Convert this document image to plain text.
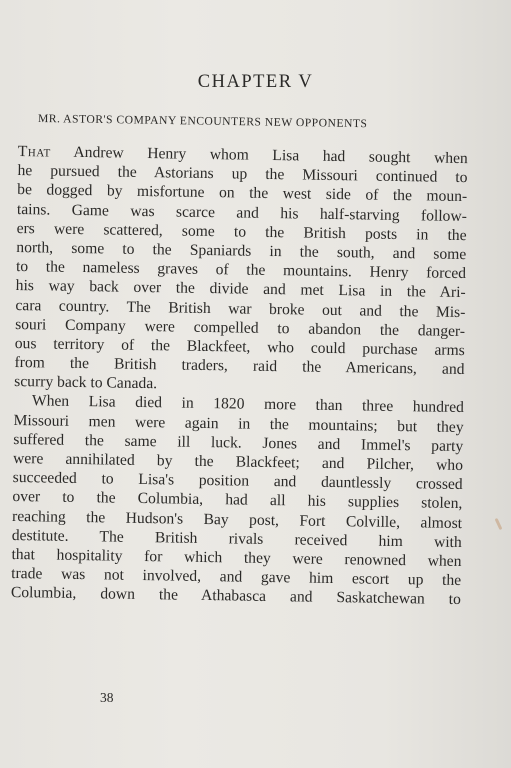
CHAPTER V
MR. ASTOR'S COMPANY ENCOUNTERS NEW OPPONENTS
That Andrew Henry whom Lisa had sought when
he pursued the Astorians up the Missouri continued to
be dogged by misfortune on the west side of the moun-
tains. Game was scarce and his half-starving follow-
ers were scattered, some to the British posts in the
north, some to the Spaniards in the south, and some
to the nameless graves of the mountains. Henry forced
his way back over the divide and met Lisa in the Ari-
cara country. The British war broke out and the Mis-
souri Company were compelled to abandon the danger-
ous territory of the Blackfeet, who could purchase arms
from the British traders, raid the Americans, and
scurry back to Canada.
When Lisa died in 1820 more than three hundred
Missouri men were again in the mountains; but they
suffered the same ill luck. Jones and Immel's party
were annihilated by the Blackfeet; and Pilcher, who
succeeded to Lisa's position and dauntlessly crossed
over to the Columbia, had all his supplies stolen,
reaching the Hudson's Bay post, Fort Colville, almost
destitute. The British rivals received him with
that hospitality for which they were renowned when
trade was not involved, and gave him escort up the
Columbia, down the Athabasca and Saskatchewan to
38
